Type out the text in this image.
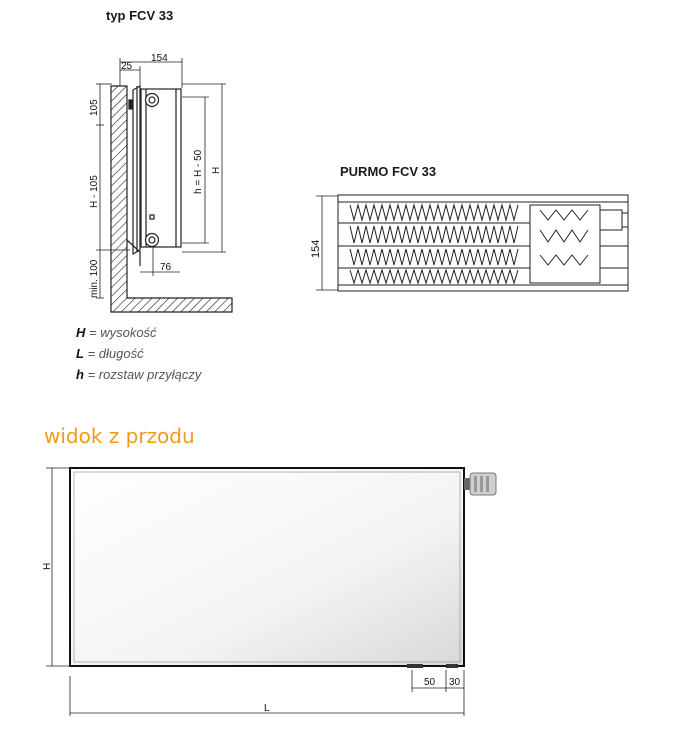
typ FCV 33
PURMO FCV 33
H = wysokość
L = długość
h = rozstaw przyłączy
widok z przodu
154
25
105
H - 105
min. 100
h = H - 50 H
76
154
H
L
50 30
